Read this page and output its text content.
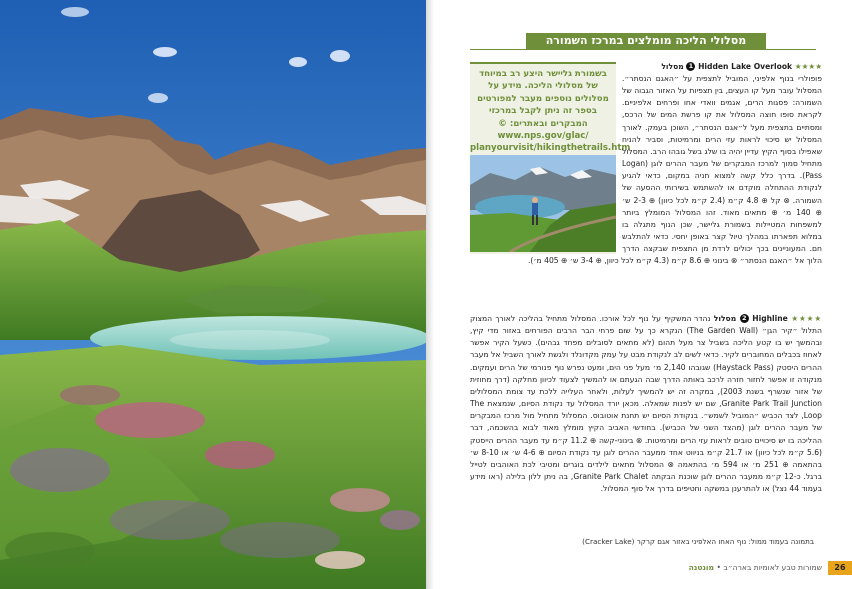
מסלולי הליכה מומלצים במרכז השמורה
בשמורת גליישר היצע רב במיוחד של מסלולי הליכה. מידע על מסלולים נוספים מעבר למפורטים בספר זה ניתן לקבל במרכזי המבקרים ובאתרים: ©
www.nps.gov/glac/
planyourvisit/hikingthetrails.htm

★★★★ Hidden Lake Overlook 1 מסלול

פופולרי בנוף אלפיני, המוביל לתצפית על ״האגם הנסתר״. המסלול עובר מעל קו העצים, בין תצפיות על האזור הגבוה של השמורה: פסגות הרים, אגמים וואדי אחו ופרחים אלפיניים. לקראת סופו חוצה המסלול את קו פרשת המים של הרכס, ומסתיים בתצפית מעל ל״אגם הנסתר״, השוכן בעמק. לאורך המסלול יש סיכוי לראות עזי הרים ומרמיטות, וסביר להניח שאפילו בסוף הקיץ עדיין יהיה בו שלג בשל גובהו הרב. המסלול מתחיל סמוך למרכז המבקרים של מעבר ההרים לוגן (Logan Pass). בדרך כלל קשה למצוא חניה במקום, כדאי להגיע לנקודת ההתחלה מוקדם או להשתמש בשירותי ההסעה של השמורה. ⊗ קל ⊕ 4.8 ק״מ (2.4 ק״מ לכל כיוון) ⊕ 2-3 ש׳ ⊕ 140 מ׳ ⊕ מתאים מאוד. זהו המסלול המומלץ ביותר למשפחות המטיילות בשמורת גליישר, שכן הנוף מתגלה בו במלוא תפארתו במהלך טיול קצר באופן יחסי. כדאי להתלבש חם. המעוניינים בכך יכולים לרדת מן התצפית שבקצה הדרך הלוך אל ״האגם הנסתר״ ⊗ בינוני ⊕ 8.6 ק״מ (4.3 ק״מ לכל כיוון, ⊕ 3-4 ש׳ ⊕ 405 מ׳).

★★★★ Highline 2 מסלול נהדר המשקיף על נוף לכל אורכו. המסלול מתחיל בהליכה לאורך המצוק התלול ״קיר הגן״ (The Garden Wall) הנקרא כך על שום פרחי הבר הרבים הפורחים באזור מדי קיץ, ובהמשך יש בו קטע הליכה בשביל צר מעל תהום (לא מתאים לסובלים מפחד גבהים). כשעל הקיר אפשר לאחוז בכבלים המחוברים לקיר. כדאי לשים לב לנקודת מבט על עמק מקדונלד ולגשת לאורך השביל אל מעבר ההרים היסטק (Haystack Pass) שגובהו 2,140 מ׳ מעל פני הים, ומעט נפרש נוף פנורמי של הרים ועמקים. מנקודה זו אפשר לחזור חזרה לרכב באותה הדרך שבה הגעתם או להמשיך לצעוד לכיוון מחלקה (דרך מחוזית של אזור שנשרף בשנת 2003), במקרה זה יש להמשיך לעלות, ולאחר העלייה ללכת עד צומת המסלולים Granite Park Trail Junction, שם יש לפנות שמאלה. מכאן יורד המסלול עד נקודת הסיום, שנמצאת The Loop, לצד הכביש ״המוביל לשמש״. בנקודת הסיום יש תחנת אוטובוס. המסלול מתחיל מול מרכז המבקרים של מעבר ההרים לוגן (מהצד השני של הכביש). בחודשי האביב הקיץ מומלץ מאוד לבוא בהשכמה, דבר ההליכה בו יש סיכויים טובים לראות עזי הרים ומרמיטות. ⊗ בינוני-קשה ⊕ 11.2 ק״מ עד מעבר ההרים הייסטק (5.6 ק״מ לכל כיוון) או 21.7 ק״מ בניווט אחד ממעבר ההרים לוגן עד נקודת הסיום ⊕ 4-6 ש׳ או 8-10 ש׳ בהתאמה ⊕ 251 מ׳ או 594 מ׳ בהתאמה ⊗ המסלול מתאים לילדים בוגרים ומטיבי לכת האוהבים לטייל ברגל. כ-12 ק״מ ממעבר ההרים לוגן שוכנת הבקתה Granite Park Chalet, בה ניתן ללון בלילה (ראו מידע בעמוד 44 נצל) או להתרענן במשקה וחטיפים בדרך אל סוף המסלול.

בתמונה בעמוד ממול: נוף האחו האלפיני באזור אגם קרקר (Cracker Lake)
שמורות טבע לאומיות בארה״ב • מונטנה	26
